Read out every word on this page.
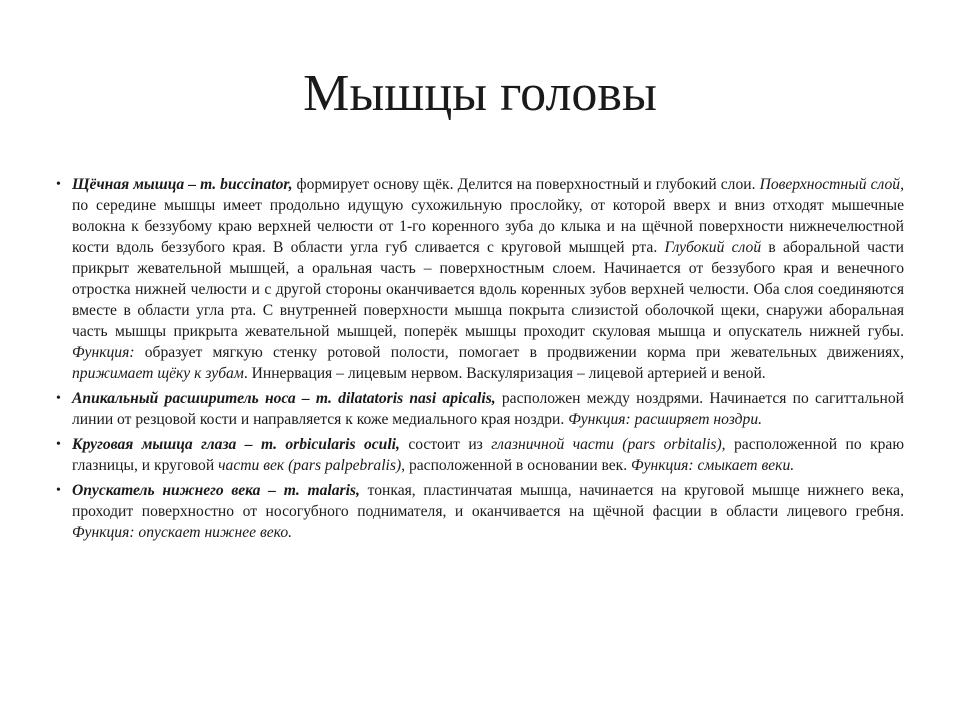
Мышцы головы
• Щёчная мышца – m. buccinator, формирует основу щёк. Делится на поверхностный и глубокий слои. Поверхностный слой, по середине мышцы имеет продольно идущую сухожильную прослойку, от которой вверх и вниз отходят мышечные волокна к беззубому краю верхней челюсти от 1-го коренного зуба до клыка и на щёчной поверхности нижнечелюстной кости вдоль беззубого края. В области угла губ сливается с круговой мышцей рта. Глубокий слой в аборальной части прикрыт жевательной мышцей, а оральная часть – поверхностным слоем. Начинается от беззубого края и венечного отростка нижней челюсти и с другой стороны оканчивается вдоль коренных зубов верхней челюсти. Оба слоя соединяются вместе в области угла рта. С внутренней поверхности мышца покрыта слизистой оболочкой щеки, снаружи аборальная часть мышцы прикрыта жевательной мышцей, поперёк мышцы проходит скуловая мышца и опускатель нижней губы. Функция: образует мягкую стенку ротовой полости, помогает в продвижении корма при жевательных движениях, прижимает щёку к зубам. Иннервация – лицевым нервом. Васкуляризация – лицевой артерией и веной.
• Апикальный расширитель носа – m. dilatatoris nasi apicalis, расположен между ноздрями. Начинается по сагиттальной линии от резцовой кости и направляется к коже медиального края ноздри. Функция: расширяет ноздри.
• Круговая мышца глаза – m. orbicularis oculi, состоит из глазничной части (pars orbitalis), расположенной по краю глазницы, и круговой части век (pars palpebralis), расположенной в основании век. Функция: смыкает веки.
• Опускатель нижнего века – m. malaris, тонкая, пластинчатая мышца, начинается на круговой мышце нижнего века, проходит поверхностно от носогубного поднимателя, и оканчивается на щёчной фасции в области лицевого гребня. Функция: опускает нижнее веко.
